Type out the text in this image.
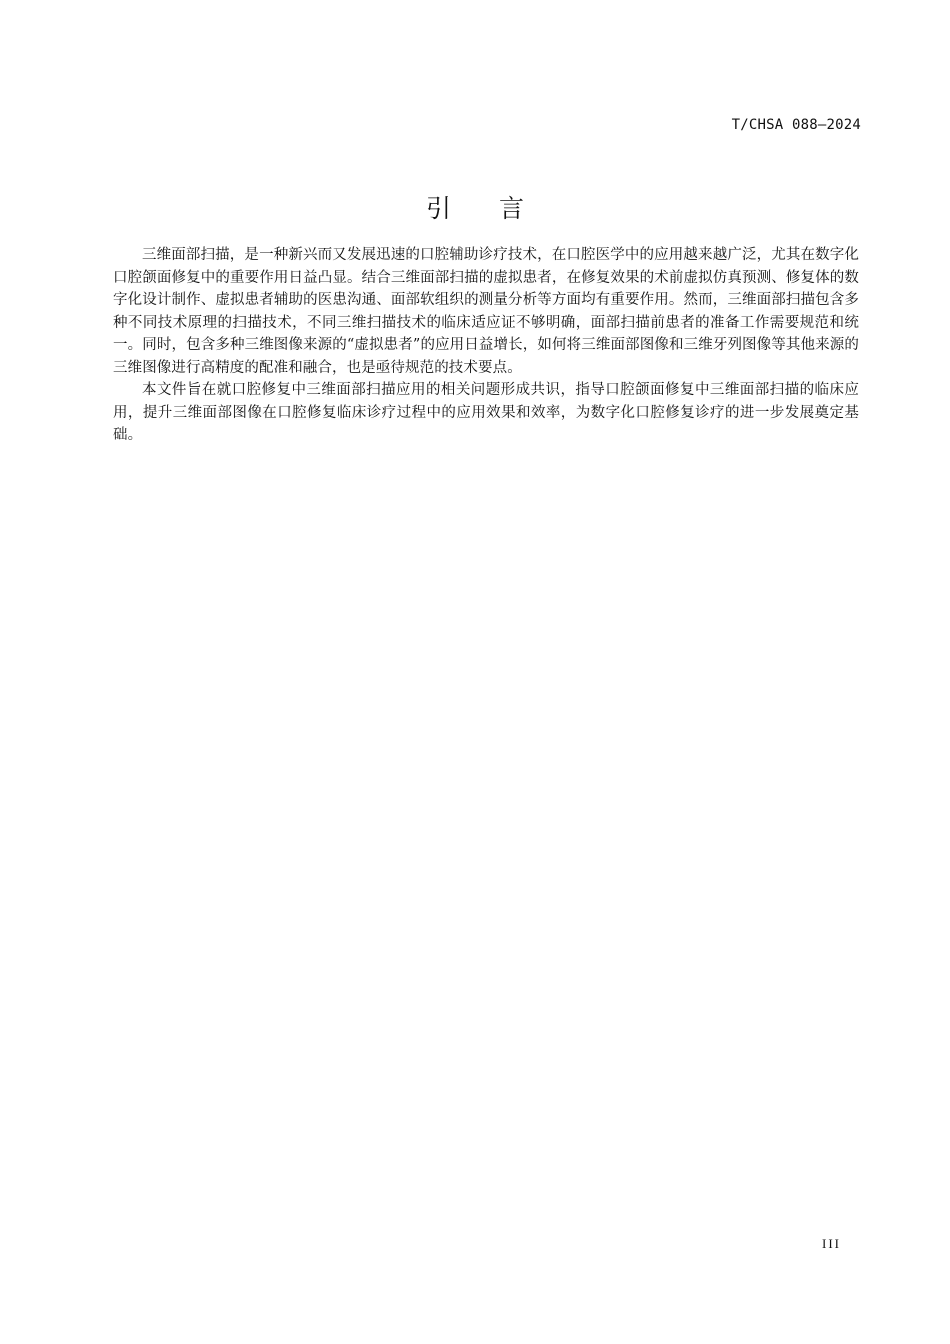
T/CHSA 088—2024
引言

三维面部扫描，是一种新兴而又发展迅速的口腔辅助诊疗技术，在口腔医学中的应用越来越广泛，尤其在数字化口腔颌面修复中的重要作用日益凸显。结合三维面部扫描的虚拟患者，在修复效果的术前虚拟仿真预测、修复体的数字化设计制作、虚拟患者辅助的医患沟通、面部软组织的测量分析等方面均有重要作用。然而，三维面部扫描包含多种不同技术原理的扫描技术，不同三维扫描技术的临床适应证不够明确，面部扫描前患者的准备工作需要规范和统一。同时，包含多种三维图像来源的“虚拟患者”的应用日益增长，如何将三维面部图像和三维牙列图像等其他来源的三维图像进行高精度的配准和融合，也是亟待规范的技术要点。

本文件旨在就口腔修复中三维面部扫描应用的相关问题形成共识，指导口腔颌面修复中三维面部扫描的临床应用，提升三维面部图像在口腔修复临床诊疗过程中的应用效果和效率，为数字化口腔修复诊疗的进一步发展奠定基础。

III
